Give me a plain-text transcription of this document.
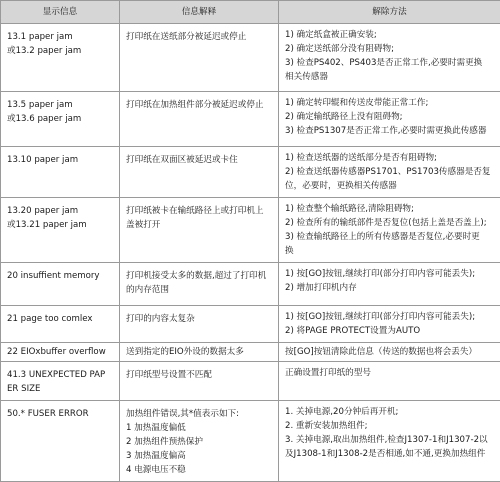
显示信息	信息解释	解除方法

13.1 paper jam
或13.2 paper jam	打印纸在送纸部分被延迟或停止	1) 确定纸盒被正确安装;
2) 确定送纸部分没有阻碍物;
3) 检查PS402、PS403是否正常工作,必要时需更换
相关传感器

13.5 paper jam
或13.6 paper jam	打印纸在加热组件部分被延迟或停止	1) 确定转印辊和传送皮带能正常工作;
2) 确定输纸路径上没有阻碍物;
3) 检查PS1307是否正常工作,必要时需更换此传感器

13.10 paper jam	打印纸在双面区被延迟或卡住	1) 检查送纸器的送纸部分是否有阻碍物;
2) 检查送纸器传感器PS1701、PS1703传感器是否复
位，必要时，更换相关传感器

13.20 paper jam
或13.21 paper jam	打印纸被卡在输纸路径上或打印机上
盖被打开	1) 检查整个输纸路径,清除阻碍物;
2) 检查所有的输纸部件是否复位(包括上盖是否盖上);
3) 检查输纸路径上的所有传感器是否复位,必要时更
换

20 insuffient memory	打印机接受太多的数据,超过了打印机
的内存范围	1) 按[GO]按钮,继续打印(部分打印内容可能丢失);
2) 增加打印机内存

21 page too comlex	打印的内容太复杂	1) 按[GO]按钮,继续打印(部分打印内容可能丢失);
2) 将PAGE PROTECT设置为AUTO

22 EIOxbuffer overflow	送到指定的EIO外设的数据太多	按[GO]按钮清除此信息（传送的数据也将会丢失）

41.3 UNEXPECTED PAP
ER SIZE	打印纸型号设置不匹配	正确设置打印纸的型号

50.* FUSER ERROR	加热组件错误,其*值表示如下:
1 加热温度偏低
2 加热组件预热保护
3 加热温度偏高
4 电源电压不稳	1. 关掉电源,20分钟后再开机;
2. 重新安装加热组件;
3. 关掉电源,取出加热组件,检查J1307-1和J1307-2以
及J1308-1和J1308-2是否相通,如不通,更换加热组件
